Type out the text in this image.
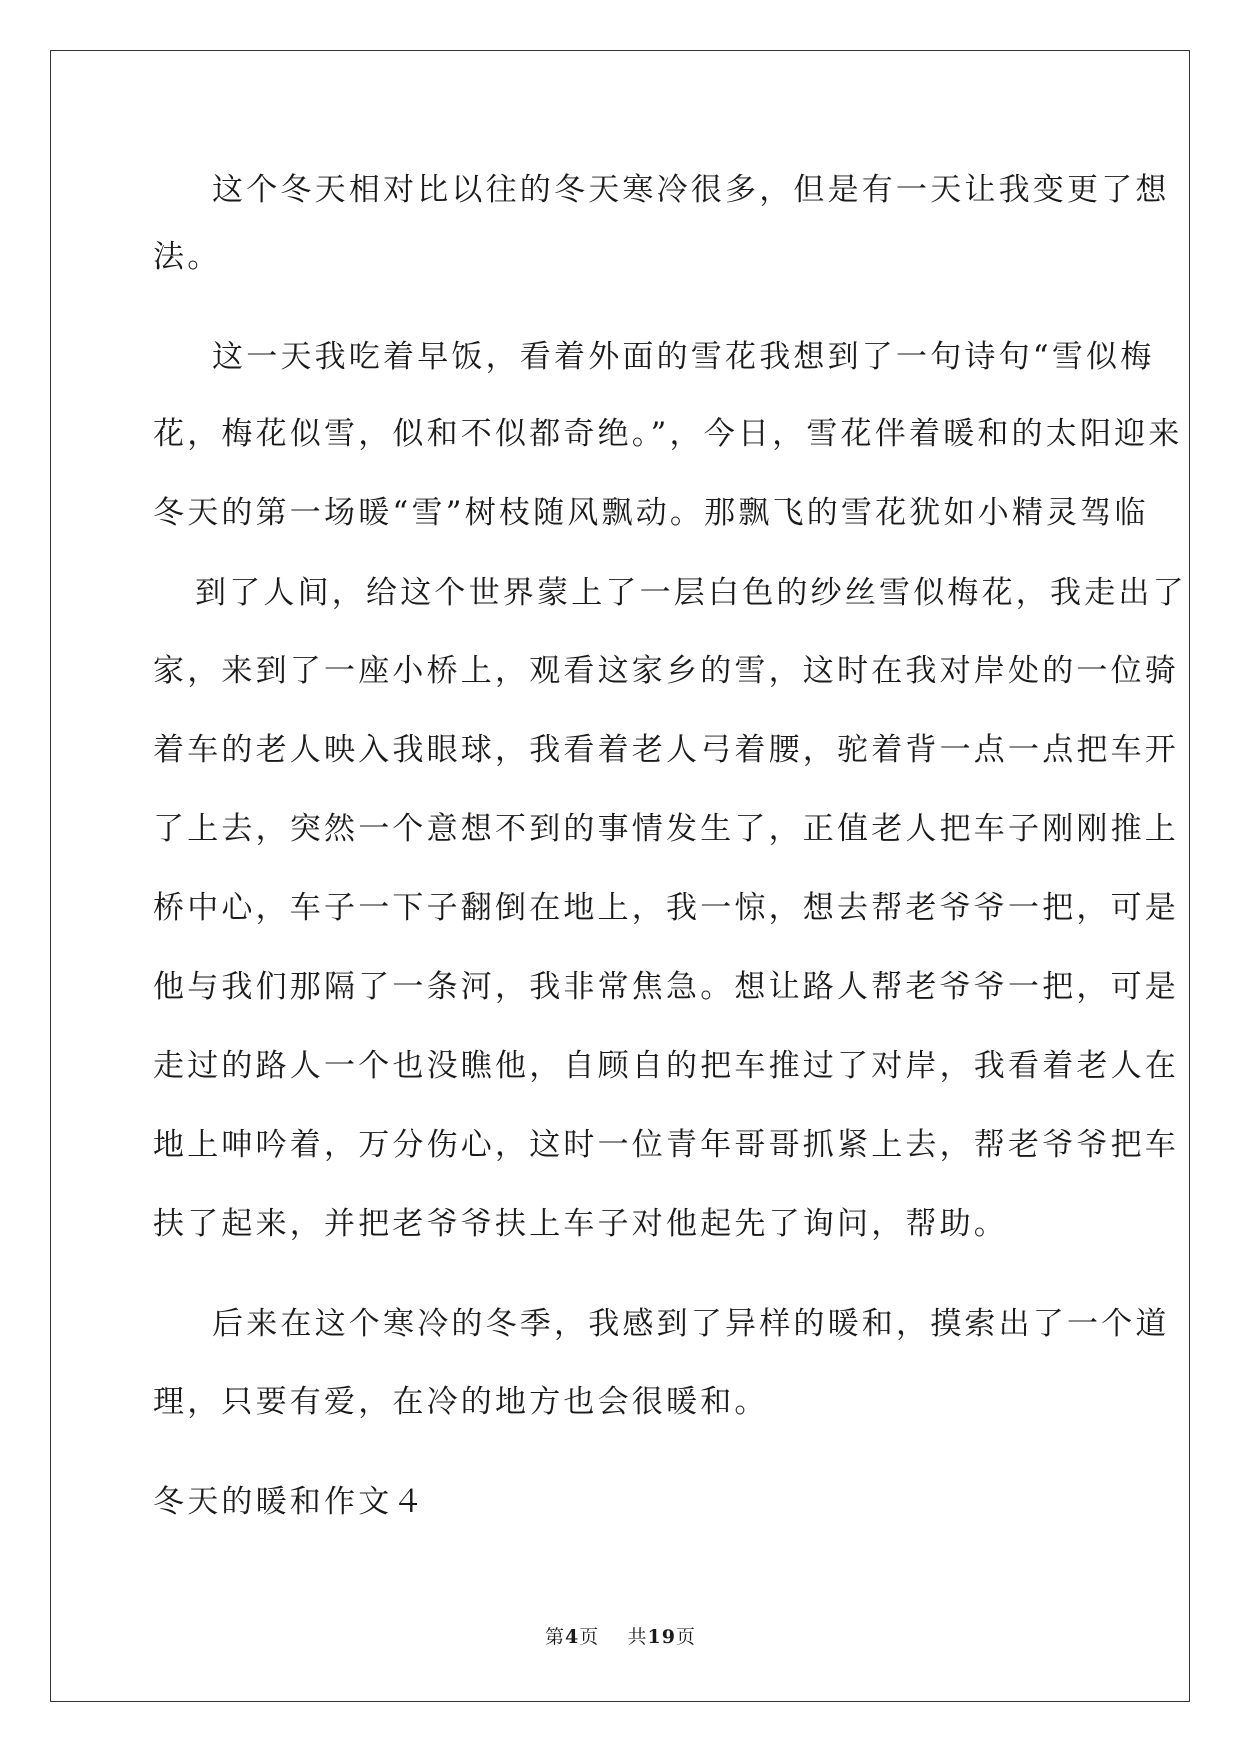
这个冬天相对比以往的冬天寒冷很多，但是有一天让我变更了想
法。
这一天我吃着早饭，看着外面的雪花我想到了一句诗句“雪似梅
花，梅花似雪，似和不似都奇绝。”，今日，雪花伴着暖和的太阳迎来
冬天的第一场暖“雪”树枝随风飘动。那飘飞的雪花犹如小精灵驾临
到了人间，给这个世界蒙上了一层白色的纱丝雪似梅花，我走出了
家，来到了一座小桥上，观看这家乡的雪，这时在我对岸处的一位骑
着车的老人映入我眼球，我看着老人弓着腰，驼着背一点一点把车开
了上去，突然一个意想不到的事情发生了，正值老人把车子刚刚推上
桥中心，车子一下子翻倒在地上，我一惊，想去帮老爷爷一把，可是
他与我们那隔了一条河，我非常焦急。想让路人帮老爷爷一把，可是
走过的路人一个也没瞧他，自顾自的把车推过了对岸，我看着老人在
地上呻吟着，万分伤心，这时一位青年哥哥抓紧上去，帮老爷爷把车
扶了起来，并把老爷爷扶上车子对他起先了询问，帮助。
后来在这个寒冷的冬季，我感到了异样的暖和，摸索出了一个道
理，只要有爱，在冷的地方也会很暖和。
冬天的暖和作文４
第4页 共19页
